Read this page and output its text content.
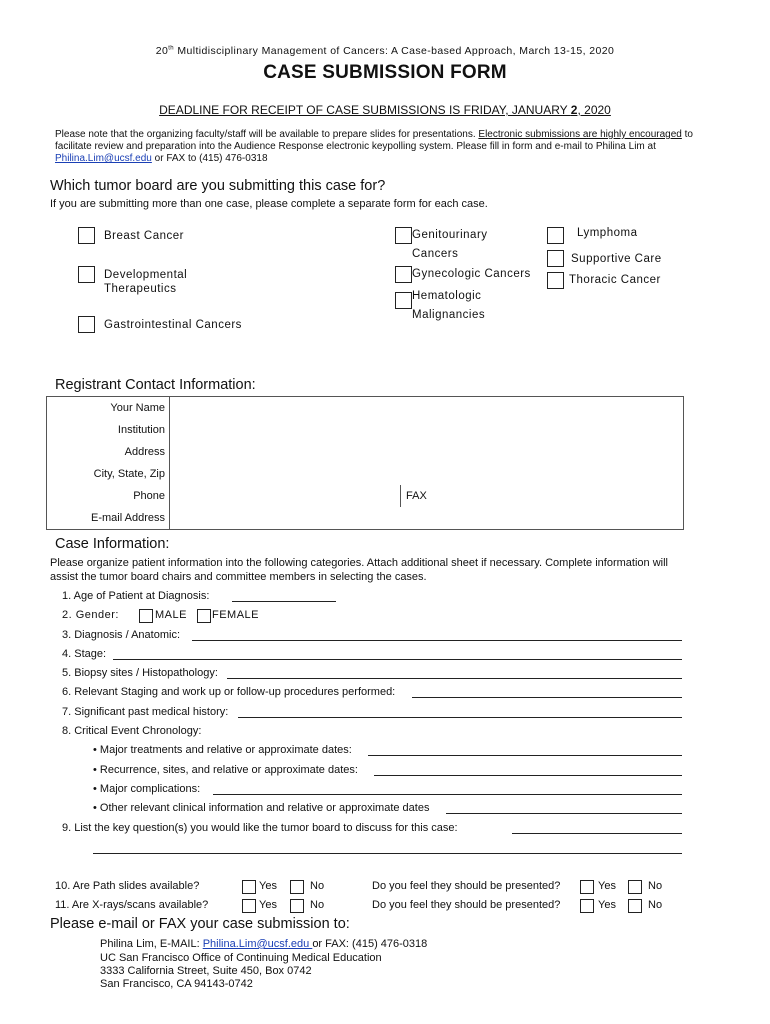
20th Multidisciplinary Management of Cancers: A Case-based Approach, March 13-15, 2020
CASE SUBMISSION FORM
DEADLINE FOR RECEIPT OF CASE SUBMISSIONS IS FRIDAY, JANUARY 2, 2020
Please note that the organizing faculty/staff will be available to prepare slides for presentations. Electronic submissions are highly encouraged to
facilitate review and preparation into the Audience Response electronic keypolling system. Please fill in form and e-mail to Philina Lim at
Philina.Lim@ucsf.edu or FAX to (415) 476-0318
Which tumor board are you submitting this case for?
If you are submitting more than one case, please complete a separate form for each case.
Breast Cancer
Developmental
Therapeutics
Gastrointestinal Cancers
Genitourinary
Cancers
Gynecologic Cancers
Hematologic
Malignancies
Lymphoma
Supportive Care
Thoracic Cancer
Registrant Contact Information:
Your Name		
Institution		
Address		
City, State, Zip		
Phone		FAX
E-mail Address		
Case Information:
Please organize patient information into the following categories. Attach additional sheet if necessary. Complete information will
assist the tumor board chairs and committee members in selecting the cases.
1. Age of Patient at Diagnosis:
2. Gender:	MALE FEMALE
3. Diagnosis / Anatomic:
4. Stage:
5. Biopsy sites / Histopathology:
6. Relevant Staging and work up or follow-up procedures performed:
7. Significant past medical history:
8. Critical Event Chronology:
• Major treatments and relative or approximate dates:
• Recurrence, sites, and relative or approximate dates:
• Major complications:
• Other relevant clinical information and relative or approximate dates
9. List the key question(s) you would like the tumor board to discuss for this case:
10. Are Path slides available?	Yes	No	Do you feel they should be presented?	Yes	No
11. Are X-rays/scans available?	Yes	No	Do you feel they should be presented?	Yes	No
Please e-mail or FAX your case submission to:
Philina Lim, E-MAIL: Philina.Lim@ucsf.edu or FAX: (415) 476-0318
UC San Francisco Office of Continuing Medical Education
3333 California Street, Suite 450, Box 0742
San Francisco, CA 94143-0742
